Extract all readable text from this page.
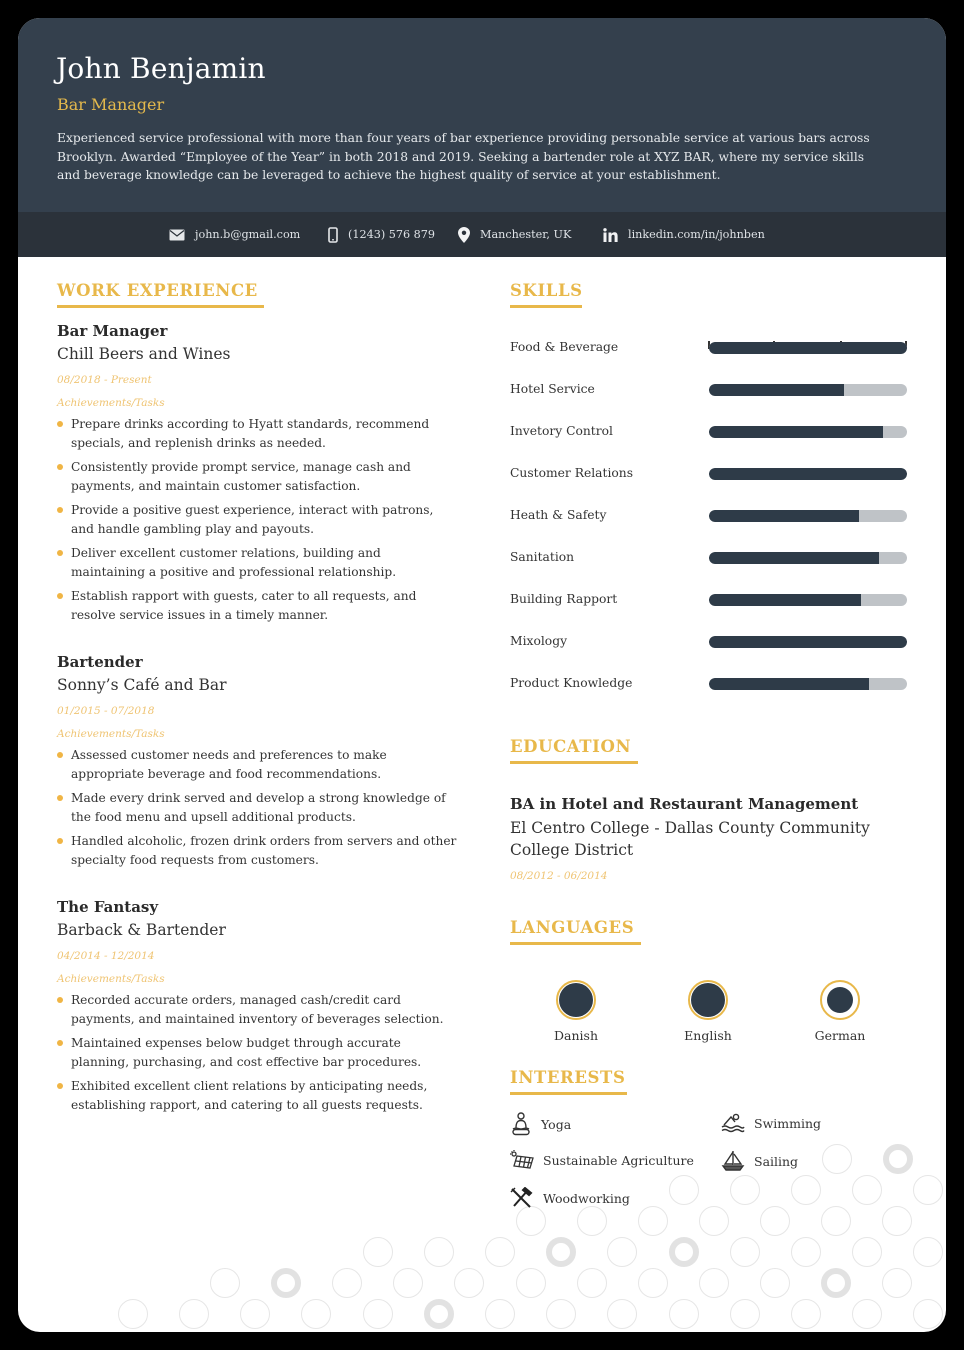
John Benjamin
Bar Manager
Experienced service professional with more than four years of bar experience providing personable service at various bars across Brooklyn. Awarded “Employee of the Year” in both 2018 and 2019. Seeking a bartender role at XYZ BAR, where my service skills and beverage knowledge can be leveraged to achieve the highest quality of service at your establishment.
john.b@gmail.com	(1243) 576 879	Manchester, UK	linkedin.com/in/johnben
WORK EXPERIENCE
Bar Manager
Chill Beers and Wines
08/2018 - Present
Achievements/Tasks
Prepare drinks according to Hyatt standards, recommend specials, and replenish drinks as needed.
Consistently provide prompt service, manage cash and payments, and maintain customer satisfaction.
Provide a positive guest experience, interact with patrons, and handle gambling play and payouts.
Deliver excellent customer relations, building and maintaining a positive and professional relationship.
Establish rapport with guests, cater to all requests, and resolve service issues in a timely manner.
Bartender
Sonny’s Café and Bar
01/2015 - 07/2018
Achievements/Tasks
Assessed customer needs and preferences to make appropriate beverage and food recommendations.
Made every drink served and develop a strong knowledge of the food menu and upsell additional products.
Handled alcoholic, frozen drink orders from servers and other specialty food requests from customers.
The Fantasy
Barback & Bartender
04/2014 - 12/2014
Achievements/Tasks
Recorded accurate orders, managed cash/credit card payments, and maintained inventory of beverages selection.
Maintained expenses below budget through accurate planning, purchasing, and cost effective bar procedures.
Exhibited excellent client relations by anticipating needs, establishing rapport, and catering to all guests requests.
SKILLS
Food & Beverage
Hotel Service
Invetory Control
Customer Relations
Heath & Safety
Sanitation
Building Rapport
Mixology
Product Knowledge
EDUCATION
BA in Hotel and Restaurant Management
El Centro College - Dallas County Community College District
08/2012 - 06/2014
LANGUAGES
Danish	English	German
INTERESTS
Yoga	Swimming
Sustainable Agriculture	Sailing
Woodworking
